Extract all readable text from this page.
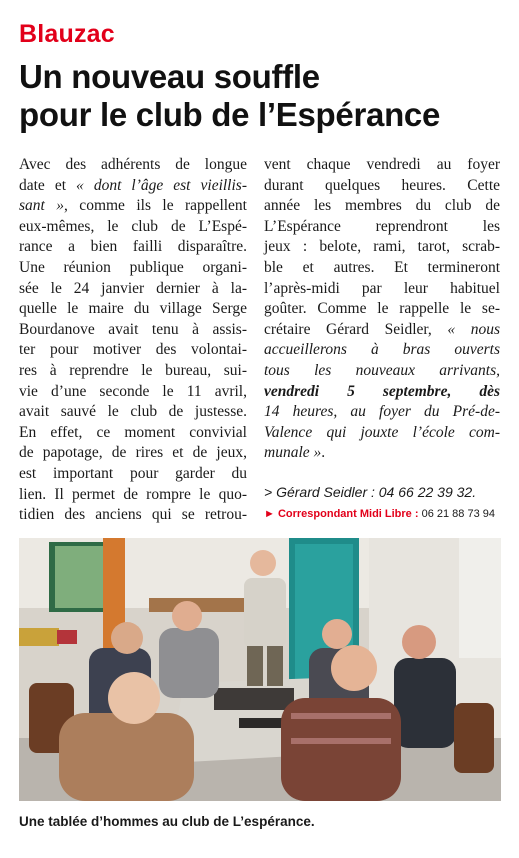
Blauzac
Un nouveau souffle
pour le club de l’Espérance
Avec des adhérents de longue
date et « dont l’âge est vieillis-
sant », comme ils le rappellent
eux-mêmes, le club de L’Espé-
rance a bien failli disparaître.
Une réunion publique organi-
sée le 24 janvier dernier à la-
quelle le maire du village Serge
Bourdanove avait tenu à assis-
ter pour motiver des volontai-
res à reprendre le bureau, sui-
vie d’une seconde le 11 avril,
avait sauvé le club de justesse.
En effet, ce moment convivial
de papotage, de rires et de jeux,
est important pour garder du
lien. Il permet de rompre le quo-
tidien des anciens qui se retrou-
vent chaque vendredi au foyer
durant quelques heures. Cette
année les membres du club de
L’Espérance reprendront les
jeux : belote, rami, tarot, scrab-
ble et autres. Et termineront
l’après-midi par leur habituel
goûter. Comme le rappelle le se-
crétaire Gérard Seidler, « nous
accueillerons à bras ouverts
tous les nouveaux arrivants,
vendredi 5 septembre, dès
14 heures, au foyer du Pré-de-
Valence qui jouxte l’école com-
munale ».
> Gérard Seidler : 04 66 22 39 32.
► Correspondant Midi Libre : 06 21 88 73 94
Une tablée d’hommes au club de L’espérance.
